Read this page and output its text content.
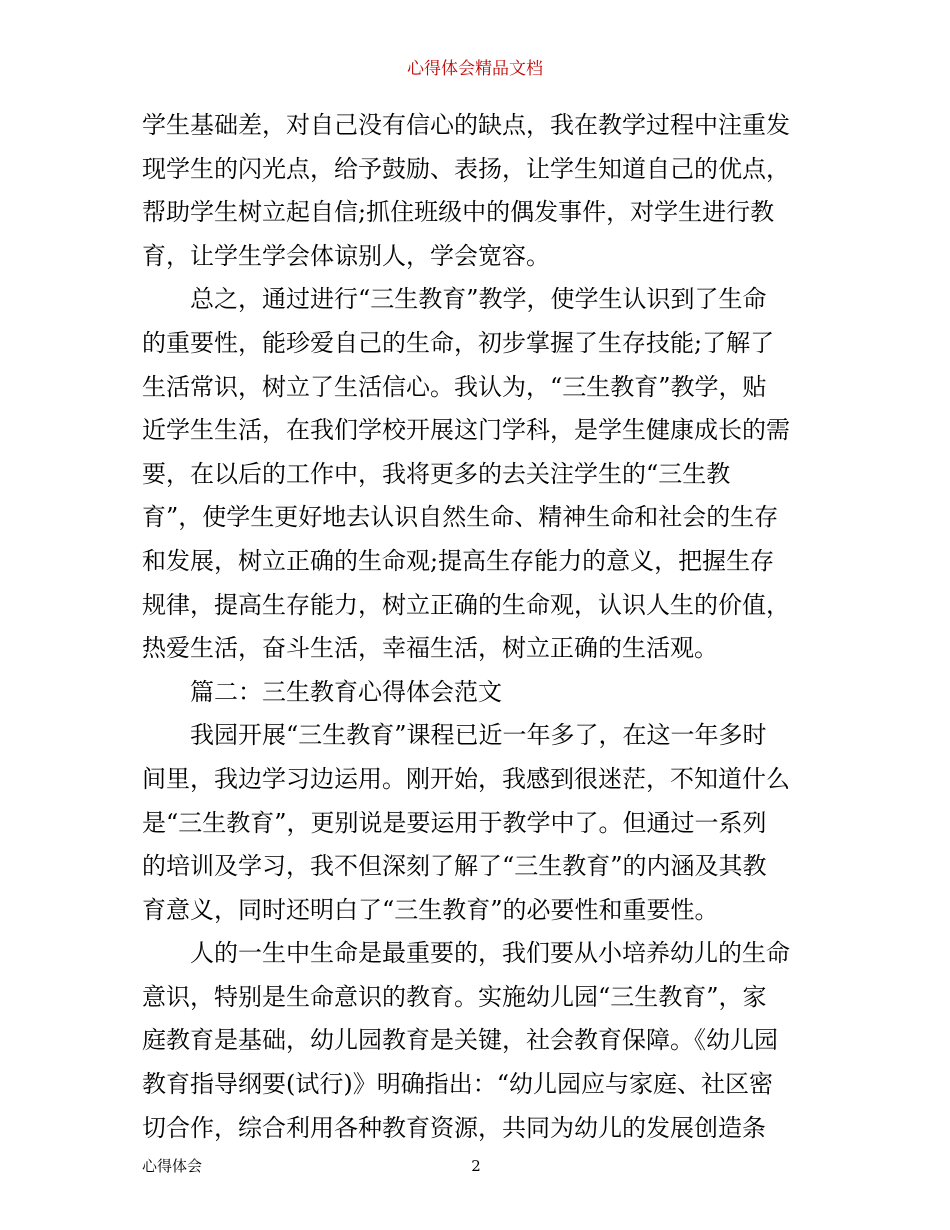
心得体会精品文档
学生基础差，对自己没有信心的缺点，我在教学过程中注重发
现学生的闪光点，给予鼓励、表扬，让学生知道自己的优点，
帮助学生树立起自信;抓住班级中的偶发事件，对学生进行教
育，让学生学会体谅别人，学会宽容。
　　总之，通过进行“三生教育”教学，使学生认识到了生命
的重要性，能珍爱自己的生命，初步掌握了生存技能;了解了
生活常识，树立了生活信心。我认为，“三生教育”教学，贴
近学生生活，在我们学校开展这门学科，是学生健康成长的需
要，在以后的工作中，我将更多的去关注学生的“三生教
育”，使学生更好地去认识自然生命、精神生命和社会的生存
和发展，树立正确的生命观;提高生存能力的意义，把握生存
规律，提高生存能力，树立正确的生命观，认识人生的价值，
热爱生活，奋斗生活，幸福生活，树立正确的生活观。
　　篇二：三生教育心得体会范文
　　我园开展“三生教育”课程已近一年多了，在这一年多时
间里，我边学习边运用。刚开始，我感到很迷茫，不知道什么
是“三生教育”，更别说是要运用于教学中了。但通过一系列
的培训及学习，我不但深刻了解了“三生教育”的内涵及其教
育意义，同时还明白了“三生教育”的必要性和重要性。
　　人的一生中生命是最重要的，我们要从小培养幼儿的生命
意识，特别是生命意识的教育。实施幼儿园“三生教育”，家
庭教育是基础，幼儿园教育是关键，社会教育保障。《幼儿园
教育指导纲要(试行)》明确指出：“幼儿园应与家庭、社区密
切合作，综合利用各种教育资源，共同为幼儿的发展创造条
心得体会	2
